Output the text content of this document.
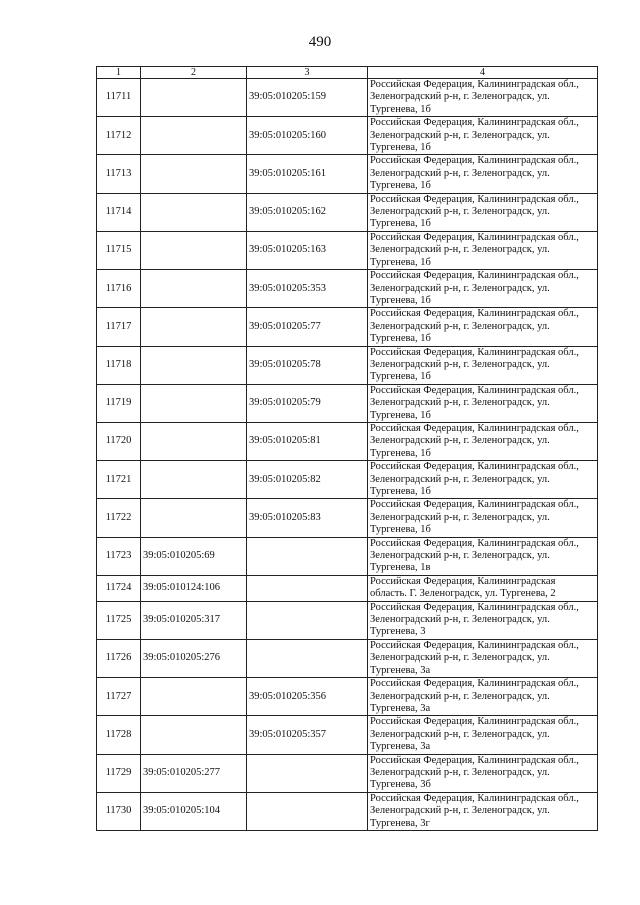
490
1	2	3	4
11711		39:05:010205:159	Российская Федерация, Калининградская обл.,
Зеленоградский р-н, г. Зеленоградск, ул.
Тургенева, 1б

11712		39:05:010205:160	Российская Федерация, Калининградская обл.,
Зеленоградский р-н, г. Зеленоградск, ул.
Тургенева, 1б

11713		39:05:010205:161	Российская Федерация, Калининградская обл.,
Зеленоградский р-н, г. Зеленоградск, ул.
Тургенева, 1б

11714		39:05:010205:162	Российская Федерация, Калининградская обл.,
Зеленоградский р-н, г. Зеленоградск, ул.
Тургенева, 1б

11715		39:05:010205:163	Российская Федерация, Калининградская обл.,
Зеленоградский р-н, г. Зеленоградск, ул.
Тургенева, 1б

11716		39:05:010205:353	Российская Федерация, Калининградская обл.,
Зеленоградский р-н, г. Зеленоградск, ул.
Тургенева, 1б

11717		39:05:010205:77	Российская Федерация, Калининградская обл.,
Зеленоградский р-н, г. Зеленоградск, ул.
Тургенева, 1б

11718		39:05:010205:78	Российская Федерация, Калининградская обл.,
Зеленоградский р-н, г. Зеленоградск, ул.
Тургенева, 1б

11719		39:05:010205:79	Российская Федерация, Калининградская обл.,
Зеленоградский р-н, г. Зеленоградск, ул.
Тургенева, 1б

11720		39:05:010205:81	Российская Федерация, Калининградская обл.,
Зеленоградский р-н, г. Зеленоградск, ул.
Тургенева, 1б

11721		39:05:010205:82	Российская Федерация, Калининградская обл.,
Зеленоградский р-н, г. Зеленоградск, ул.
Тургенева, 1б

11722		39:05:010205:83	Российская Федерация, Калининградская обл.,
Зеленоградский р-н, г. Зеленоградск, ул.
Тургенева, 1б

11723	39:05:010205:69		Российская Федерация, Калининградская обл.,
Зеленоградский р-н, г. Зеленоградск, ул.
Тургенева, 1в

11724	39:05:010124:106		Российская Федерация, Калининградская
область. Г. Зеленоградск, ул. Тургенева, 2

11725	39:05:010205:317		Российская Федерация, Калининградская обл.,
Зеленоградский р-н, г. Зеленоградск, ул.
Тургенева, 3

11726	39:05:010205:276		Российская Федерация, Калининградская обл.,
Зеленоградский р-н, г. Зеленоградск, ул.
Тургенева, 3а

11727		39:05:010205:356	Российская Федерация, Калининградская обл.,
Зеленоградский р-н, г. Зеленоградск, ул.
Тургенева, 3а

11728		39:05:010205:357	Российская Федерация, Калининградская обл.,
Зеленоградский р-н, г. Зеленоградск, ул.
Тургенева, 3а

11729	39:05:010205:277		Российская Федерация, Калининградская обл.,
Зеленоградский р-н, г. Зеленоградск, ул.
Тургенева, 3б

11730	39:05:010205:104		Российская Федерация, Калининградская обл.,
Зеленоградский р-н, г. Зеленоградск, ул.
Тургенева, 3г
